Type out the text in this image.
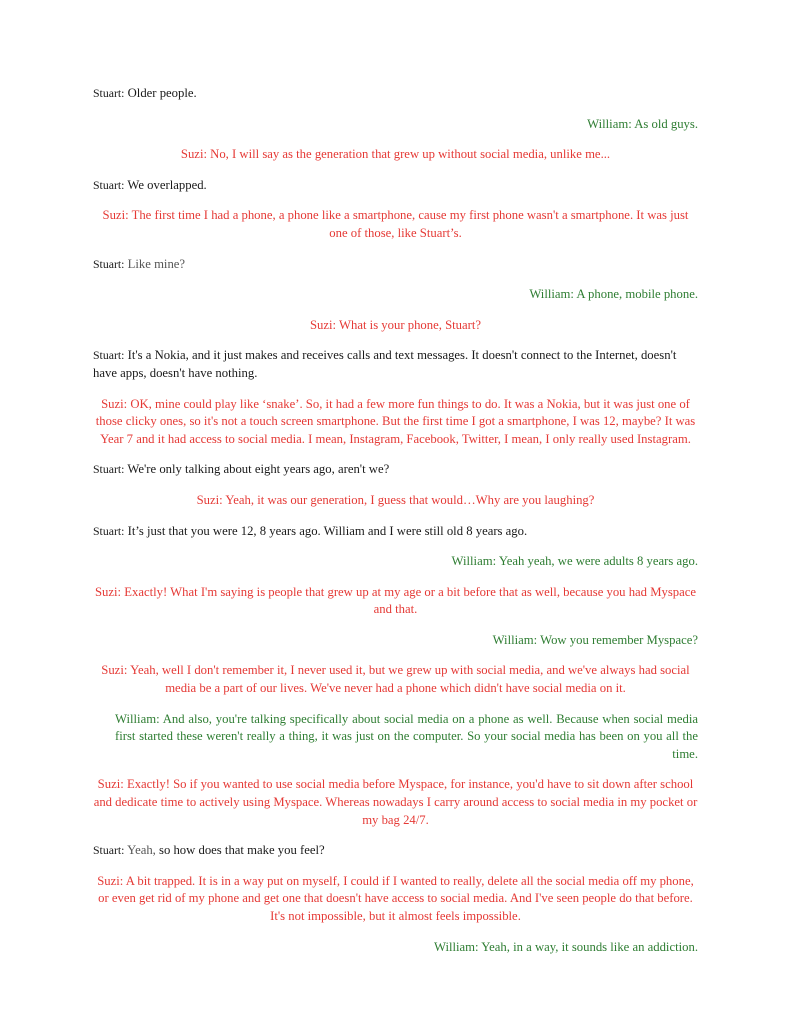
Stuart: Older people.

William: As old guys.

Suzi: No, I will say as the generation that grew up without social media, unlike me...

Stuart: We overlapped.

Suzi: The first time I had a phone, a phone like a smartphone, cause my first phone wasn't a smartphone. It was just one of those, like Stuart’s.

Stuart: Like mine?

William: A phone, mobile phone.

Suzi: What is your phone, Stuart?

Stuart: It's a Nokia, and it just makes and receives calls and text messages. It doesn't connect to the Internet, doesn't have apps, doesn't have nothing.

Suzi: OK, mine could play like ‘snake’. So, it had a few more fun things to do. It was a Nokia, but it was just one of those clicky ones, so it's not a touch screen smartphone. But the first time I got a smartphone, I was 12, maybe? It was Year 7 and it had access to social media. I mean, Instagram, Facebook, Twitter, I mean, I only really used Instagram.

Stuart: We're only talking about eight years ago, aren't we?

Suzi: Yeah, it was our generation, I guess that would…Why are you laughing?

Stuart: It’s just that you were 12, 8 years ago. William and I were still old 8 years ago.

William: Yeah yeah, we were adults 8 years ago.

Suzi: Exactly! What I'm saying is people that grew up at my age or a bit before that as well, because you had Myspace and that.

William: Wow you remember Myspace?

Suzi: Yeah, well I don't remember it, I never used it, but we grew up with social media, and we've always had social media be a part of our lives. We've never had a phone which didn't have social media on it.

William: And also, you're talking specifically about social media on a phone as well. Because when social media first started these weren't really a thing, it was just on the computer. So your social media has been on you all the time.

Suzi: Exactly! So if you wanted to use social media before Myspace, for instance, you'd have to sit down after school and dedicate time to actively using Myspace. Whereas nowadays I carry around access to social media in my pocket or my bag 24/7.

Stuart: Yeah, so how does that make you feel?

Suzi: A bit trapped. It is in a way put on myself, I could if I wanted to really, delete all the social media off my phone, or even get rid of my phone and get one that doesn't have access to social media. And I've seen people do that before. It's not impossible, but it almost feels impossible.

William: Yeah, in a way, it sounds like an addiction.
